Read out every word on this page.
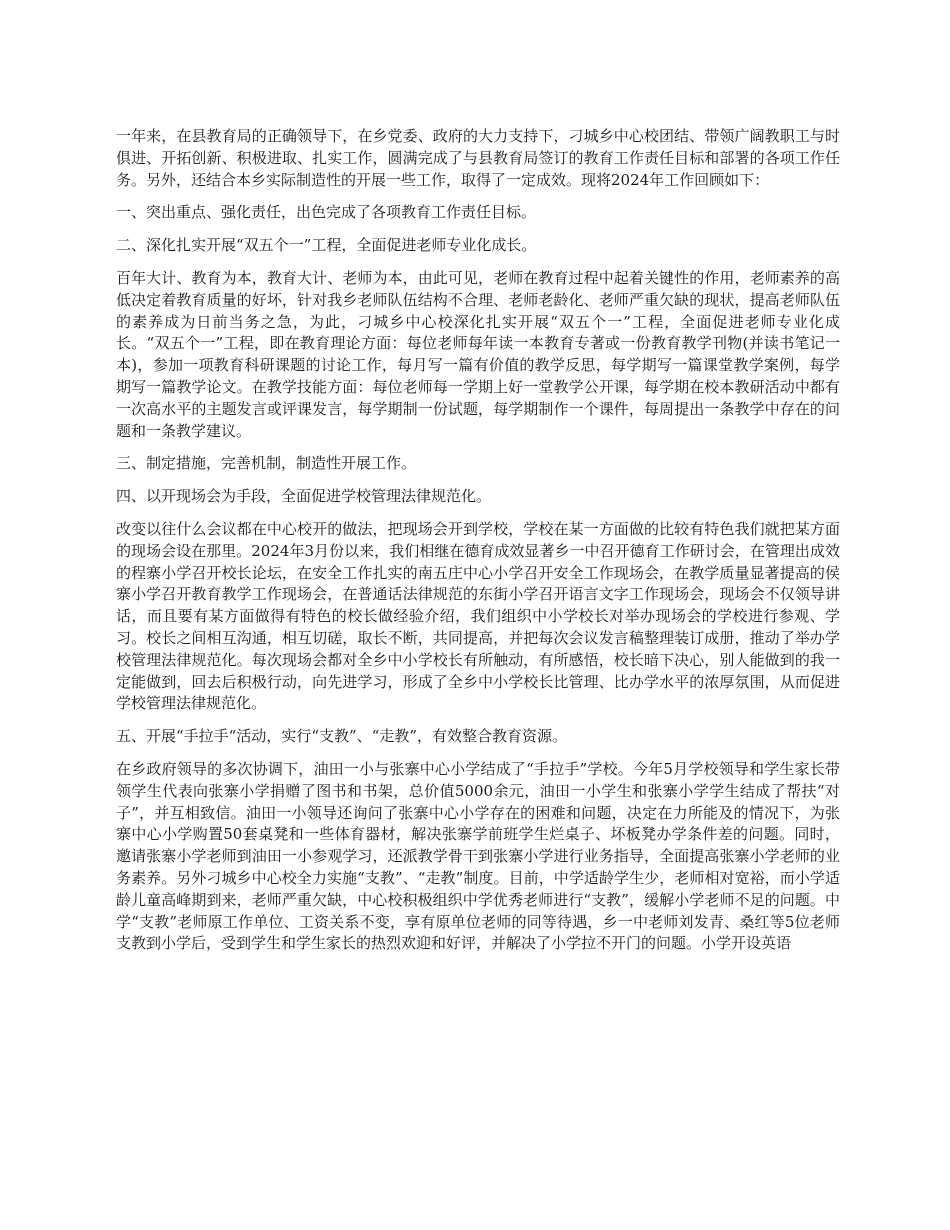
一年来，在县教育局的正确领导下，在乡党委、政府的大力支持下，刁城乡中心校团结、带领广阔教职工与时俱进、开拓创新、积极进取、扎实工作，圆满完成了与县教育局签订的教育工作责任目标和部署的各项工作任务。另外，还结合本乡实际制造性的开展一些工作，取得了一定成效。现将2024年工作回顾如下：

一、突出重点、强化责任，出色完成了各项教育工作责任目标。

二、深化扎实开展“双五个一”工程，全面促进老师专业化成长。

百年大计、教育为本，教育大计、老师为本，由此可见，老师在教育过程中起着关键性的作用，老师素养的高低决定着教育质量的好坏，针对我乡老师队伍结构不合理、老师老龄化、老师严重欠缺的现状，提高老师队伍的素养成为日前当务之急，为此，刁城乡中心校深化扎实开展“双五个一”工程，全面促进老师专业化成长。“双五个一”工程，即在教育理论方面：每位老师每年读一本教育专著或一份教育教学刊物(并读书笔记一本)，参加一项教育科研课题的讨论工作，每月写一篇有价值的教学反思，每学期写一篇课堂教学案例，每学期写一篇教学论文。在教学技能方面：每位老师每一学期上好一堂教学公开课，每学期在校本教研活动中都有一次高水平的主题发言或评课发言，每学期制一份试题，每学期制作一个课件，每周提出一条教学中存在的问题和一条教学建议。

三、制定措施，完善机制，制造性开展工作。

四、以开现场会为手段，全面促进学校管理法律规范化。

改变以往什么会议都在中心校开的做法，把现场会开到学校，学校在某一方面做的比较有特色我们就把某方面的现场会设在那里。2024年3月份以来，我们相继在德育成效显著乡一中召开德育工作研讨会，在管理出成效的程寨小学召开校长论坛，在安全工作扎实的南五庄中心小学召开安全工作现场会，在教学质量显著提高的侯寨小学召开教育教学工作现场会，在普通话法律规范的东街小学召开语言文字工作现场会，现场会不仅领导讲话，而且要有某方面做得有特色的校长做经验介绍，我们组织中小学校长对举办现场会的学校进行参观、学习。校长之间相互沟通，相互切磋，取长不断，共同提高，并把每次会议发言稿整理装订成册，推动了举办学校管理法律规范化。每次现场会都对全乡中小学校长有所触动，有所感悟，校长暗下决心，别人能做到的我一定能做到，回去后积极行动，向先进学习，形成了全乡中小学校长比管理、比办学水平的浓厚氛围，从而促进学校管理法律规范化。

五、开展“手拉手“活动，实行“支教”、“走教”，有效整合教育资源。

在乡政府领导的多次协调下，油田一小与张寨中心小学结成了“手拉手”学校。今年5月学校领导和学生家长带领学生代表向张寨小学捐赠了图书和书架，总价值5000余元，油田一小学生和张寨小学学生结成了帮扶“对子”，并互相致信。油田一小领导还询问了张寨中心小学存在的困难和问题，决定在力所能及的情况下，为张寨中心小学购置50套桌凳和一些体育器材，解决张寨学前班学生烂桌子、坏板凳办学条件差的问题。同时，邀请张寨小学老师到油田一小参观学习，还派教学骨干到张寨小学进行业务指导，全面提高张寨小学老师的业务素养。另外刁城乡中心校全力实施“支教”、“走教”制度。目前，中学适龄学生少，老师相对宽裕，而小学适龄儿童高峰期到来，老师严重欠缺，中心校积极组织中学优秀老师进行“支教”，缓解小学老师不足的问题。中学“支教”老师原工作单位、工资关系不变，享有原单位老师的同等待遇，乡一中老师刘发青、桑红等5位老师支教到小学后，受到学生和学生家长的热烈欢迎和好评，并解决了小学拉不开门的问题。小学开设英语
